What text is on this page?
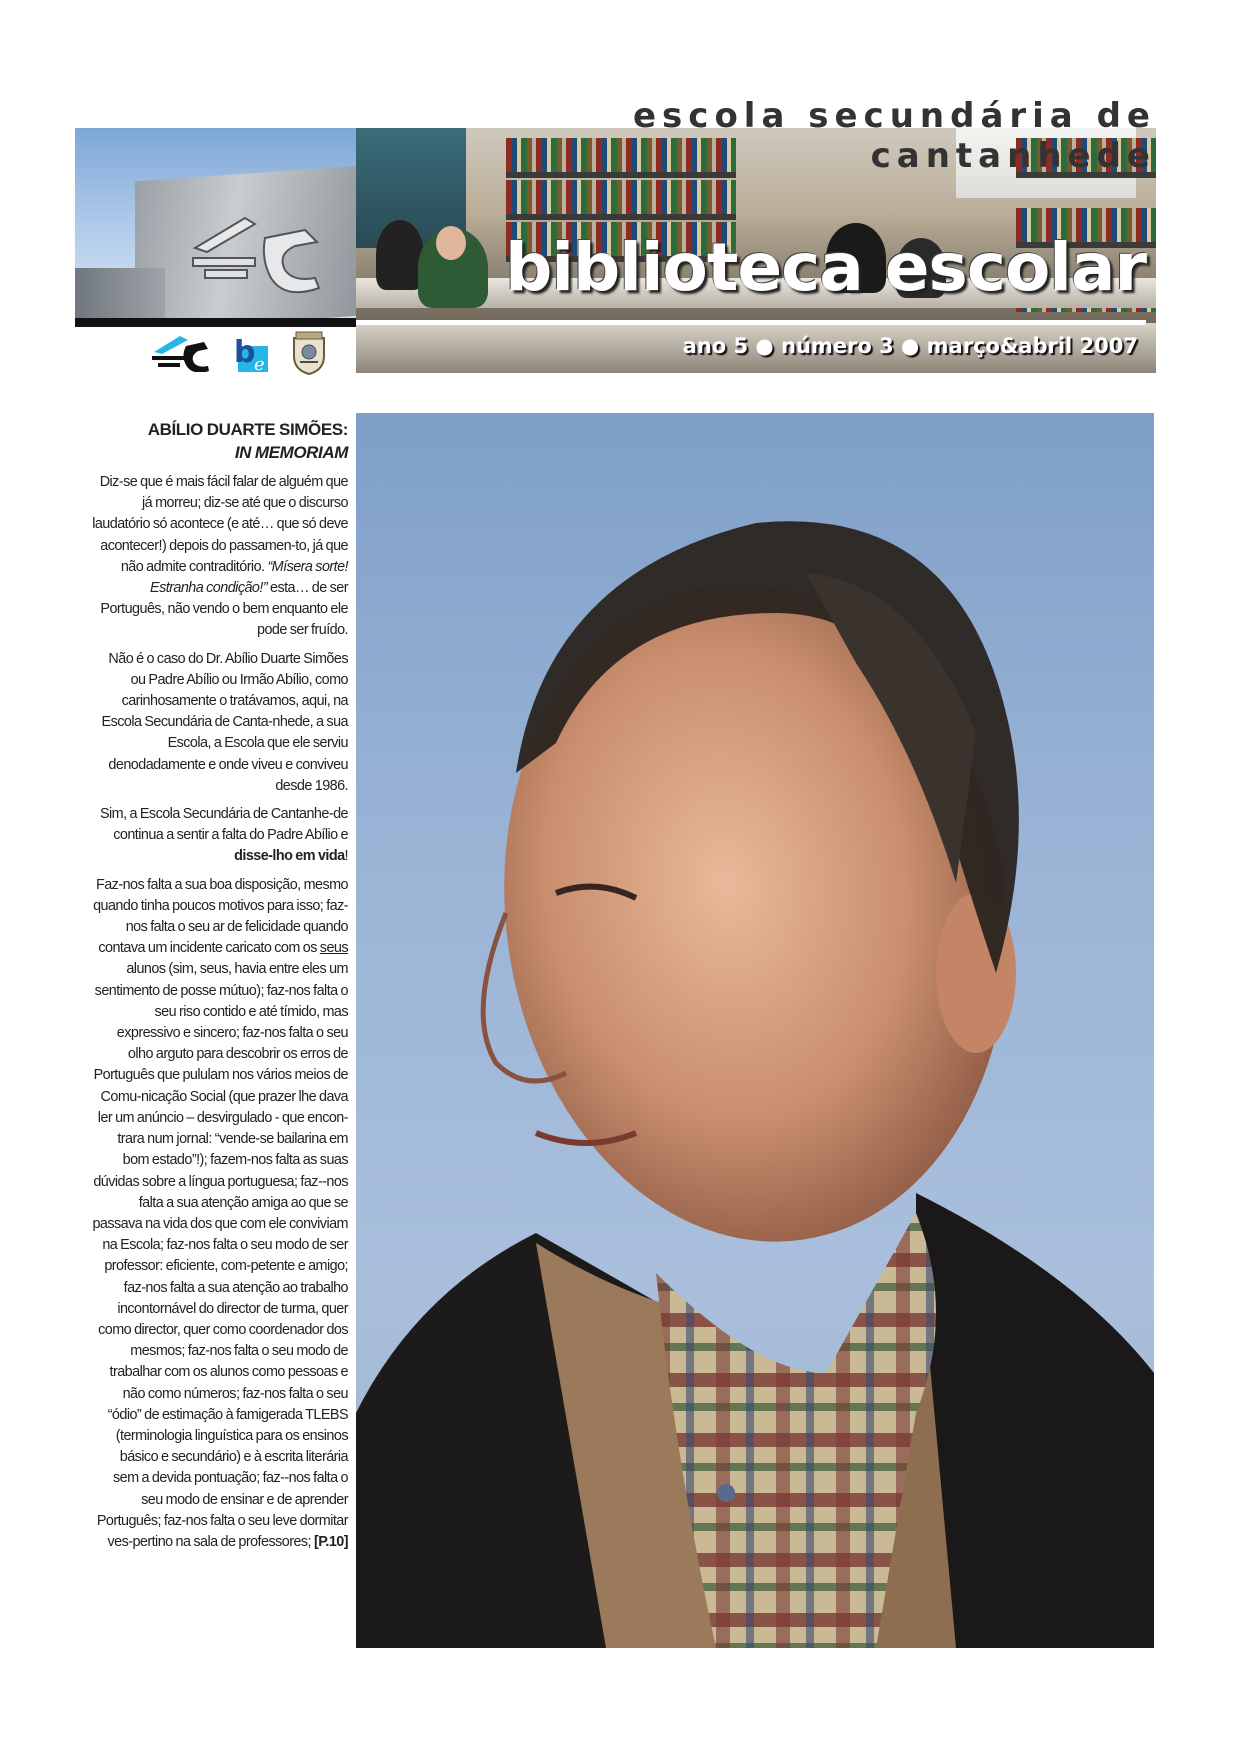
escola secundária de cantanhede
biblioteca escolar
ano 5 ● número 3 ● março&abril 2007
b
e
ABÍLIO DUARTE SIMÕES:
IN MEMORIAM

Diz-se que é mais fácil falar de alguém que já morreu; diz-se até que o discurso laudatório só acontece (e até… que só deve acontecer!) depois do passamen-to, já que não admite contraditório. “Mísera sorte! Estranha condição!” esta… de ser Português, não vendo o bem enquanto ele pode ser fruído.

Não é o caso do Dr. Abílio Duarte Simões ou Padre Abílio ou Irmão Abílio, como carinhosamente o tratávamos, aqui, na Escola Secundária de Canta-nhede, a sua Escola, a Escola que ele serviu denodadamente e onde viveu e conviveu desde 1986.

Sim, a Escola Secundária de Cantanhe-de continua a sentir a falta do Padre Abílio e disse-lho em vida!

Faz-nos falta a sua boa disposição, mesmo quando tinha poucos motivos para isso; faz-nos falta o seu ar de felicidade quando contava um incidente caricato com os seus alunos (sim, seus, havia entre eles um sentimento de posse mútuo); faz-nos falta o seu riso contido e até tímido, mas expressivo e sincero; faz-nos falta o seu olho arguto para descobrir os erros de Português que pululam nos vários meios de Comu-nicação Social (que prazer lhe dava ler um anúncio – desvirgulado - que encon-trara num jornal: “vende-se bailarina em bom estado”!); fazem-nos falta as suas dúvidas sobre a língua portuguesa; faz--nos falta a sua atenção amiga ao que se passava na vida dos que com ele conviviam na Escola; faz-nos falta o seu modo de ser professor: eficiente, com-petente e amigo; faz-nos falta a sua atenção ao trabalho incontornável do director de turma, quer como director, quer como coordenador dos mesmos; faz-nos falta o seu modo de trabalhar com os alunos como pessoas e não como números; faz-nos falta o seu “ódio” de estimação à famigerada TLEBS (terminologia linguística para os ensinos básico e secundário) e à escrita literária sem a devida pontuação; faz--nos falta o seu modo de ensinar e de aprender Português; faz-nos falta o seu leve dormitar ves-pertino na sala de professores; [P.10]
